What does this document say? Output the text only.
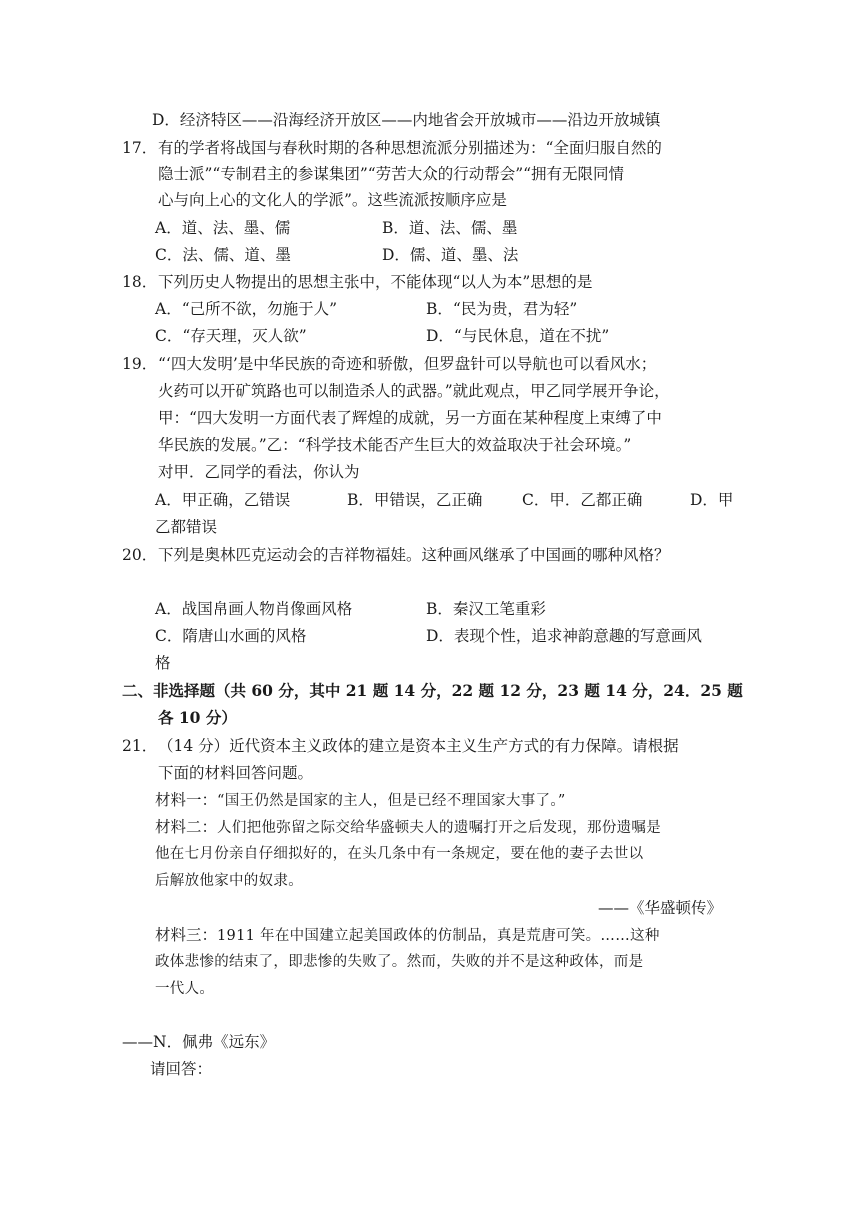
D．经济特区——沿海经济开放区——内地省会开放城市——沿边开放城镇
17． 有的学者将战国与春秋时期的各种思想流派分别描述为：“全面归服自然的
隐士派”“专制君主的参谋集团”“劳苦大众的行动帮会”“拥有无限同情
心与向上心的文化人的学派”。这些流派按顺序应是
A．道、法、墨、儒	B．道、法、儒、墨
C．法、儒、道、墨	D．儒、道、墨、法
18． 下列历史人物提出的思想主张中，不能体现“以人为本”思想的是
A．“己所不欲，勿施于人”	B．“民为贵，君为轻”
C．“存天理，灭人欲”	D．“与民休息，道在不扰”
19． “‘四大发明’是中华民族的奇迹和骄傲，但罗盘针可以导航也可以看风水；
火药可以开矿筑路也可以制造杀人的武器。”就此观点，甲乙同学展开争论，
甲：“四大发明一方面代表了辉煌的成就，另一方面在某种程度上束缚了中
华民族的发展。”乙：“科学技术能否产生巨大的效益取决于社会环境。”
对甲．乙同学的看法，你认为
A．甲正确，乙错误	B．甲错误，乙正确	C．甲．乙都正确	D．甲
乙都错误
20． 下列是奥林匹克运动会的吉祥物福娃。这种画风继承了中国画的哪种风格？
A．战国帛画人物肖像画风格	B．秦汉工笔重彩
C．隋唐山水画的风格	D．表现个性，追求神韵意趣的写意画风
格
二、非选择题（共 60 分，其中 21 题 14 分，22 题 12 分，23 题 14 分，24．25 题
各 10 分）
21． （14 分）近代资本主义政体的建立是资本主义生产方式的有力保障。请根据
下面的材料回答问题。
材料一：“国王仍然是国家的主人，但是已经不理国家大事了。”
材料二：人们把他弥留之际交给华盛顿夫人的遗嘱打开之后发现，那份遗嘱是
他在七月份亲自仔细拟好的，在头几条中有一条规定，要在他的妻子去世以
后解放他家中的奴隶。
——《华盛顿传》
材料三：1911 年在中国建立起美国政体的仿制品，真是荒唐可笑。……这种
政体悲惨的结束了，即悲惨的失败了。然而，失败的并不是这种政体，而是
一代人。
——N．佩弗《远东》
请回答：
